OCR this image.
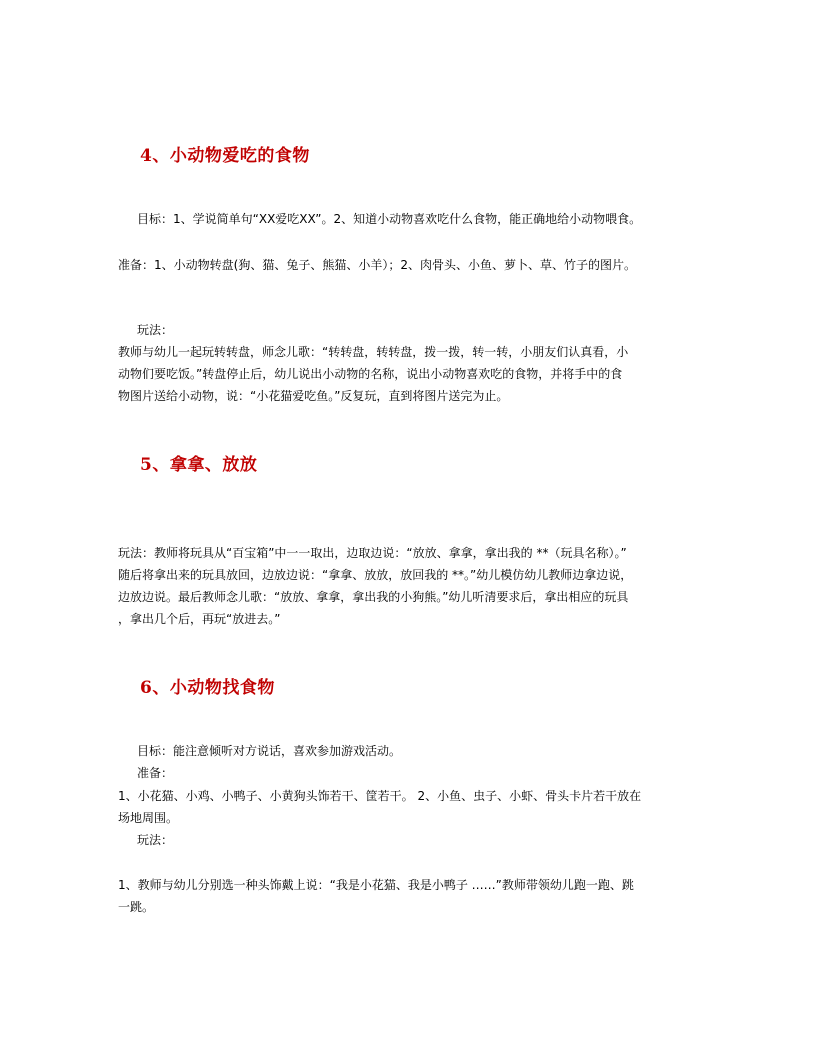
4、小动物爱吃的食物
目标：1、学说简单句“XX爱吃XX”。2、知道小动物喜欢吃什么食物，能正确地给小动物喂食。
准备：1、小动物转盘(狗、猫、兔子、熊猫、小羊）；2、肉骨头、小鱼、萝卜、草、竹子的图片。
玩法：
教师与幼儿一起玩转转盘，师念儿歌：“转转盘，转转盘，拨一拨，转一转，小朋友们认真看，小
动物们要吃饭。”转盘停止后，幼儿说出小动物的名称，说出小动物喜欢吃的食物，并将手中的食
物图片送给小动物，说：“小花猫爱吃鱼。”反复玩，直到将图片送完为止。
5、拿拿、放放
玩法：教师将玩具从“百宝箱”中一一取出，边取边说：“放放、拿拿，拿出我的 **（玩具名称）。”
随后将拿出来的玩具放回，边放边说：“拿拿、放放，放回我的 **。”幼儿模仿幼儿教师边拿边说，
边放边说。最后教师念儿歌：“放放、拿拿，拿出我的小狗熊。”幼儿听清要求后，拿出相应的玩具
，拿出几个后，再玩“放进去。”
6、小动物找食物
目标：能注意倾听对方说话，喜欢参加游戏活动。
准备：
1、小花猫、小鸡、小鸭子、小黄狗头饰若干、筐若干。 2、小鱼、虫子、小虾、骨头卡片若干放在
场地周围。
玩法：
1、教师与幼儿分别选一种头饰戴上说：“我是小花猫、我是小鸭子 ……”教师带领幼儿跑一跑、跳
一跳。
